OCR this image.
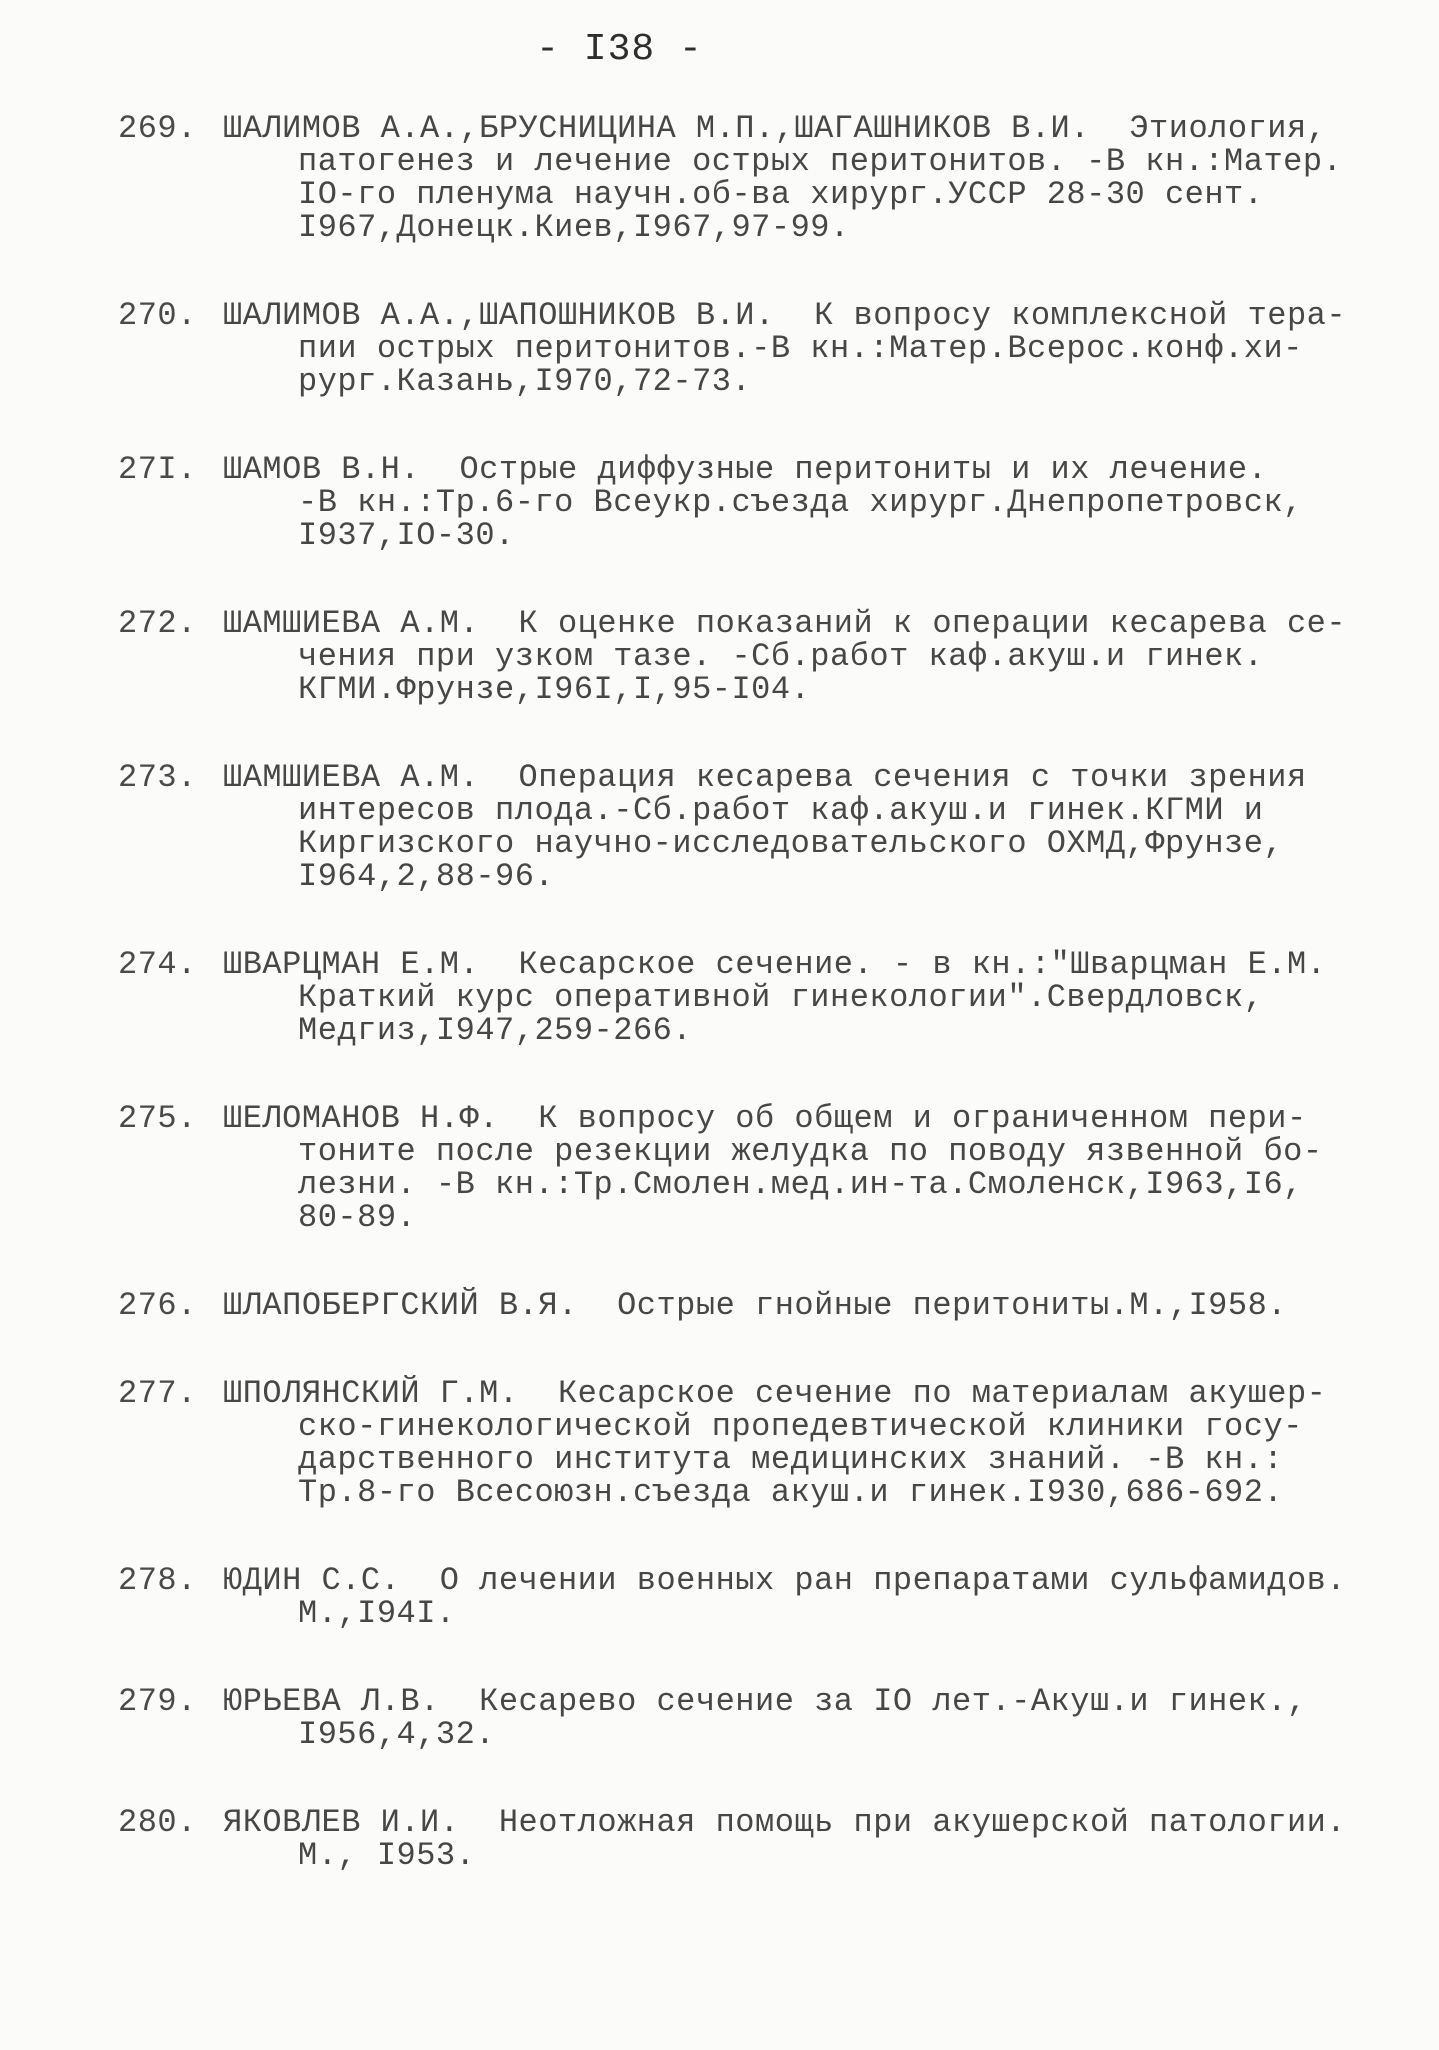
- I38 -
269. ШАЛИМОВ А.А.,БРУСНИЦИНА М.П.,ШАГАШНИКОВ В.И.  Этиология,
патогенез и лечение острых перитонитов. -В кн.:Матер.
IO-го пленума научн.об-ва хирург.УССР 28-30 сент.
I967,Донецк.Киев,I967,97-99.
270. ШАЛИМОВ А.А.,ШАПОШНИКОВ В.И.  К вопросу комплексной тера-
пии острых перитонитов.-В кн.:Матер.Всерос.конф.хи-
рург.Казань,I970,72-73.
27I. ШАМОВ В.Н.  Острые диффузные перитониты и их лечение.
-В кн.:Тр.6-го Всеукр.съезда хирург.Днепропетровск,
I937,IO-30.
272. ШАМШИЕВА А.М.  К оценке показаний к операции кесарева се-
чения при узком тазе. -Сб.работ каф.акуш.и гинек.
КГМИ.Фрунзе,I96I,I,95-I04.
273. ШАМШИЕВА А.М.  Операция кесарева сечения с точки зрения
интересов плода.-Сб.работ каф.акуш.и гинек.КГМИ и
Киргизского научно-исследовательского ОХМД,Фрунзе,
I964,2,88-96.
274. ШВАРЦМАН Е.М.  Кесарское сечение. - в кн.:"Шварцман Е.М.
Краткий курс оперативной гинекологии".Свердловск,
Медгиз,I947,259-266.
275. ШЕЛОМАНОВ Н.Ф.  К вопросу об общем и ограниченном пери-
тоните после резекции желудка по поводу язвенной бо-
лезни. -В кн.:Тр.Смолен.мед.ин-та.Смоленск,I963,I6,
80-89.
276. ШЛАПОБЕРГСКИЙ В.Я.  Острые гнойные перитониты.М.,I958.
277. ШПОЛЯНСКИЙ Г.М.  Кесарское сечение по материалам акушер-
ско-гинекологической пропедевтической клиники госу-
дарственного института медицинских знаний. -В кн.:
Тр.8-го Всесоюзн.съезда акуш.и гинек.I930,686-692.
278. ЮДИН С.С.  О лечении военных ран препаратами сульфамидов.
М.,I94I.
279. ЮРЬЕВА Л.В.  Кесарево сечение за IO лет.-Акуш.и гинек.,
I956,4,32.
280. ЯКОВЛЕВ И.И.  Неотложная помощь при акушерской патологии.
М., I953.
